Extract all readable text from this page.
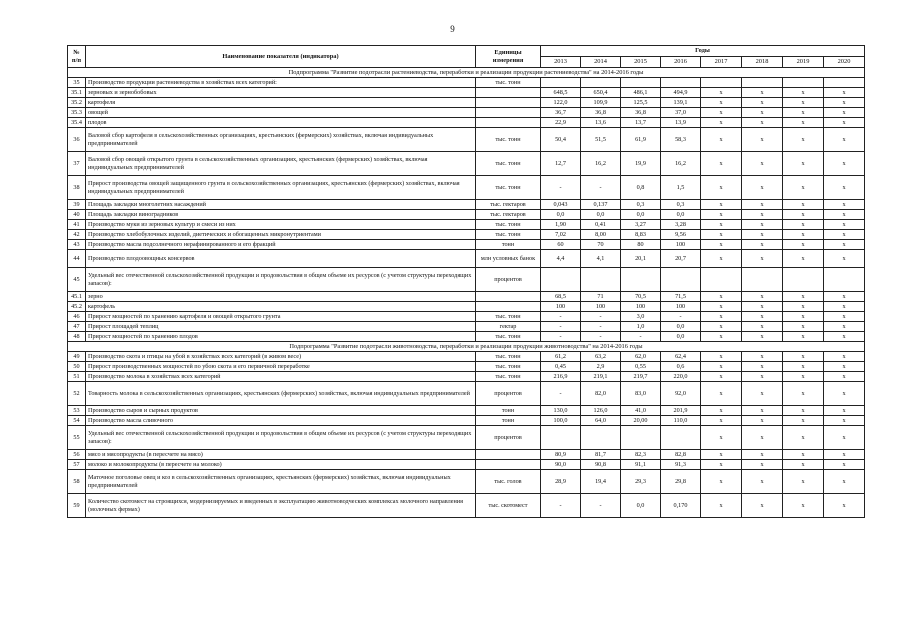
9
№
п/п	Наименование показателя (индикатора)	Единицы
измерения	Годы							
			2013	2014	2015	2016	2017	2018	2019	2020
Подпрограмма "Развитие подотрасли растениеводства, переработки и реализации продукции растениеводства" на 2014-2016 годы										
35	Производство продукции растениеводства в хозяйствах всех категорий:	тыс. тонн								
35.1	зерновых и зернобобовых		648,5	650,4	486,1	494,9	x	x	x	x
35.2	картофеля		122,0	109,9	125,5	139,1	x	x	x	x
35.3	овощей		36,7	36,8	36,8	37,0	x	x	x	x
35.4	плодов		22,9	13,6	13,7	13,9	x	x	x	x
36	Валовой сбор картофеля в сельскохозяйственных организациях, крестьянских (фермерских) хозяйствах, включая индивидуальных предпринимателей	тыс. тонн	50,4	51,5	61,9	58,3	x	x	x	x
37	Валовой сбор овощей открытого грунта в сельскохозяйственных организациях, крестьянских (фермерских) хозяйствах, включая индивидуальных предпринимателей	тыс. тонн	12,7	16,2	19,9	16,2	x	x	x	x
38	Прирост производства овощей защищенного грунта в сельскохозяйственных организациях, крестьянских (фермерских) хозяйствах, включая индивидуальных предпринимателей	тыс. тонн	-	-	0,8	1,5	x	x	x	x
39	Площадь закладки многолетних насаждений	тыс. гектаров	0,043	0,137	0,3	0,3	x	x	x	x
40	Площадь закладки виноградников	тыс. гектаров	0,0	0,0	0,0	0,0	x	x	x	x
41	Производство муки из зерновых культур и смеси из них	тыс. тонн	1,90	0,41	3,27	3,28	x	x	x	x
42	Производство хлебобулочных изделий, диетических и обогащенных микронутриентами	тыс. тонн	7,02	8,00	8,83	9,56	x	x	x	x
43	Производство масла подсолнечного нерафинированного и его фракций	тонн	60	70	80	100	x	x	x	x
44	Производство плодоовощных консервов	млн условных банок	4,4	4,1	20,1	20,7	x	x	x	x
45	Удельный вес отечественной сельскохозяйственной продукции и продовольствия в общем объеме их ресурсов (с учетом структуры переходящих запасов):	процентов								
45.1	зерно		68,5	71	70,5	71,5	x	x	x	x
45.2	картофель		100	100	100	100	x	x	x	x
46	Прирост мощностей по хранению картофеля и овощей открытого грунта	тыс. тонн	-	-	3,0	-	x	x	x	x
47	Прирост площадей теплиц	гектар	-	-	1,0	0,0	x	x	x	x
48	Прирост мощностей по хранению плодов	тыс. тонн	-	-	-	0,0	x	x	x	x
Подпрограмма "Развитие подотрасли животноводства, переработки и реализации продукции животноводства" на 2014-2016 годы										
49	Производство скота и птицы на убой в хозяйствах всех категорий (в живом весе)	тыс. тонн	61,2	63,2	62,0	62,4	x	x	x	x
50	Прирост производственных мощностей по убою скота и его первичной переработке	тыс. тонн	0,45	2,9	0,55	0,6	x	x	x	x
51	Производство молока в хозяйствах всех категорий	тыс. тонн	216,9	219,1	219,7	220,0	x	x	x	x
52	Товарность молока в сельскохозяйственных организациях, крестьянских (фермерских) хозяйствах, включая индивидуальных предпринимателей	процентов	-	82,0	83,0	92,0	x	x	x	x
53	Производство сыров и сырных продуктов	тонн	130,0	126,0	41,0	201,9	x	x	x	x
54	Производство масла сливочного	тонн	100,0	64,0	20,00	110,0	x	x	x	x
55	Удельный вес отечественной сельскохозяйственной продукции и продовольствия в общем объеме их ресурсов (с учетом структуры переходящих запасов):	процентов					x	x	x	x
56	мясо и мясопродукты (в пересчете на мясо)		80,9	81,7	82,3	82,8	x	x	x	x
57	молоко и молокопродукты (в пересчете на молоко)		90,0	90,8	91,1	91,3	x	x	x	x
58	Маточное поголовье овец и коз в сельскохозяйственных организациях, крестьянских (фермерских) хозяйствах, включая индивидуальных предпринимателей	тыс. голов	28,9	19,4	29,3	29,8	x	x	x	x
59	Количество скотомест на строящихся, модернизируемых и введенных в эксплуатацию животноводческих комплексах молочного направления (молочных фермах)	тыс. скотомест	-	-	0,0	0,170	x	x	x	x
